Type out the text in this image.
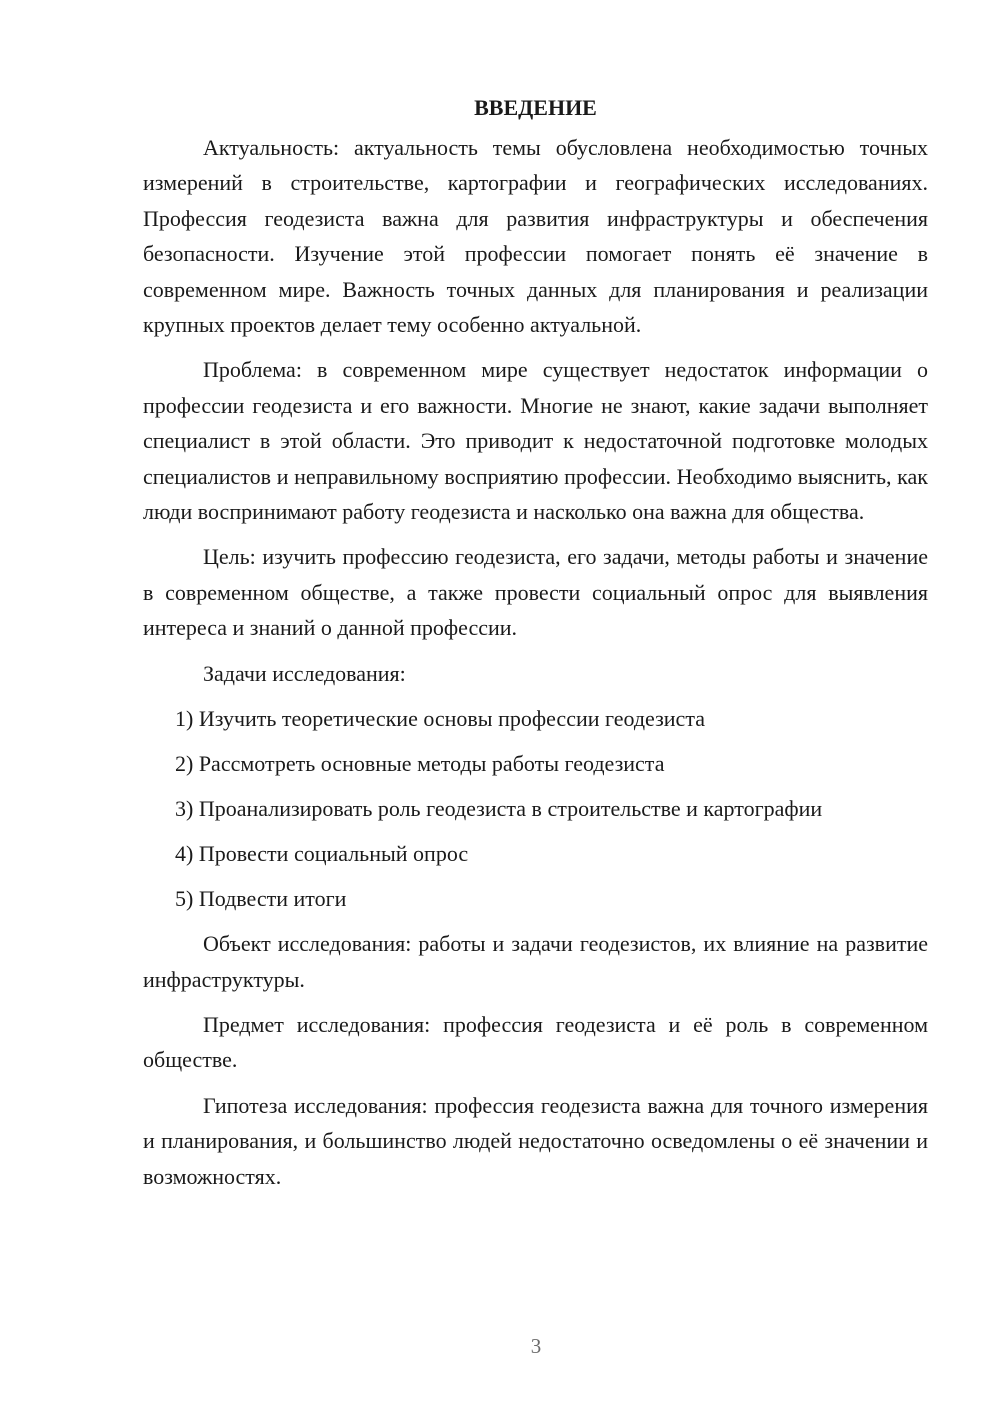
ВВЕДЕНИЕ

Актуальность: актуальность темы обусловлена необходимостью точных измерений в строительстве, картографии и географических исследованиях. Профессия геодезиста важна для развития инфраструктуры и обеспечения безопасности. Изучение этой профессии помогает понять её значение в современном мире. Важность точных данных для планирования и реализации крупных проектов делает тему особенно актуальной.

Проблема: в современном мире существует недостаток информации о профессии геодезиста и его важности. Многие не знают, какие задачи выполняет специалист в этой области. Это приводит к недостаточной подготовке молодых специалистов и неправильному восприятию профессии. Необходимо выяснить, как люди воспринимают работу геодезиста и насколько она важна для общества.

Цель: изучить профессию геодезиста, его задачи, методы работы и значение в современном обществе, а также провести социальный опрос для выявления интереса и знаний о данной профессии.

Задачи исследования:

1) Изучить теоретические основы профессии геодезиста
2) Рассмотреть основные методы работы геодезиста
3) Проанализировать роль геодезиста в строительстве и картографии
4) Провести социальный опрос
5) Подвести итоги

Объект исследования: работы и задачи геодезистов, их влияние на развитие инфраструктуры.

Предмет исследования: профессия геодезиста и её роль в современном обществе.

Гипотеза исследования: профессия геодезиста важна для точного измерения и планирования, и большинство людей недостаточно осведомлены о её значении и возможностях.

3
